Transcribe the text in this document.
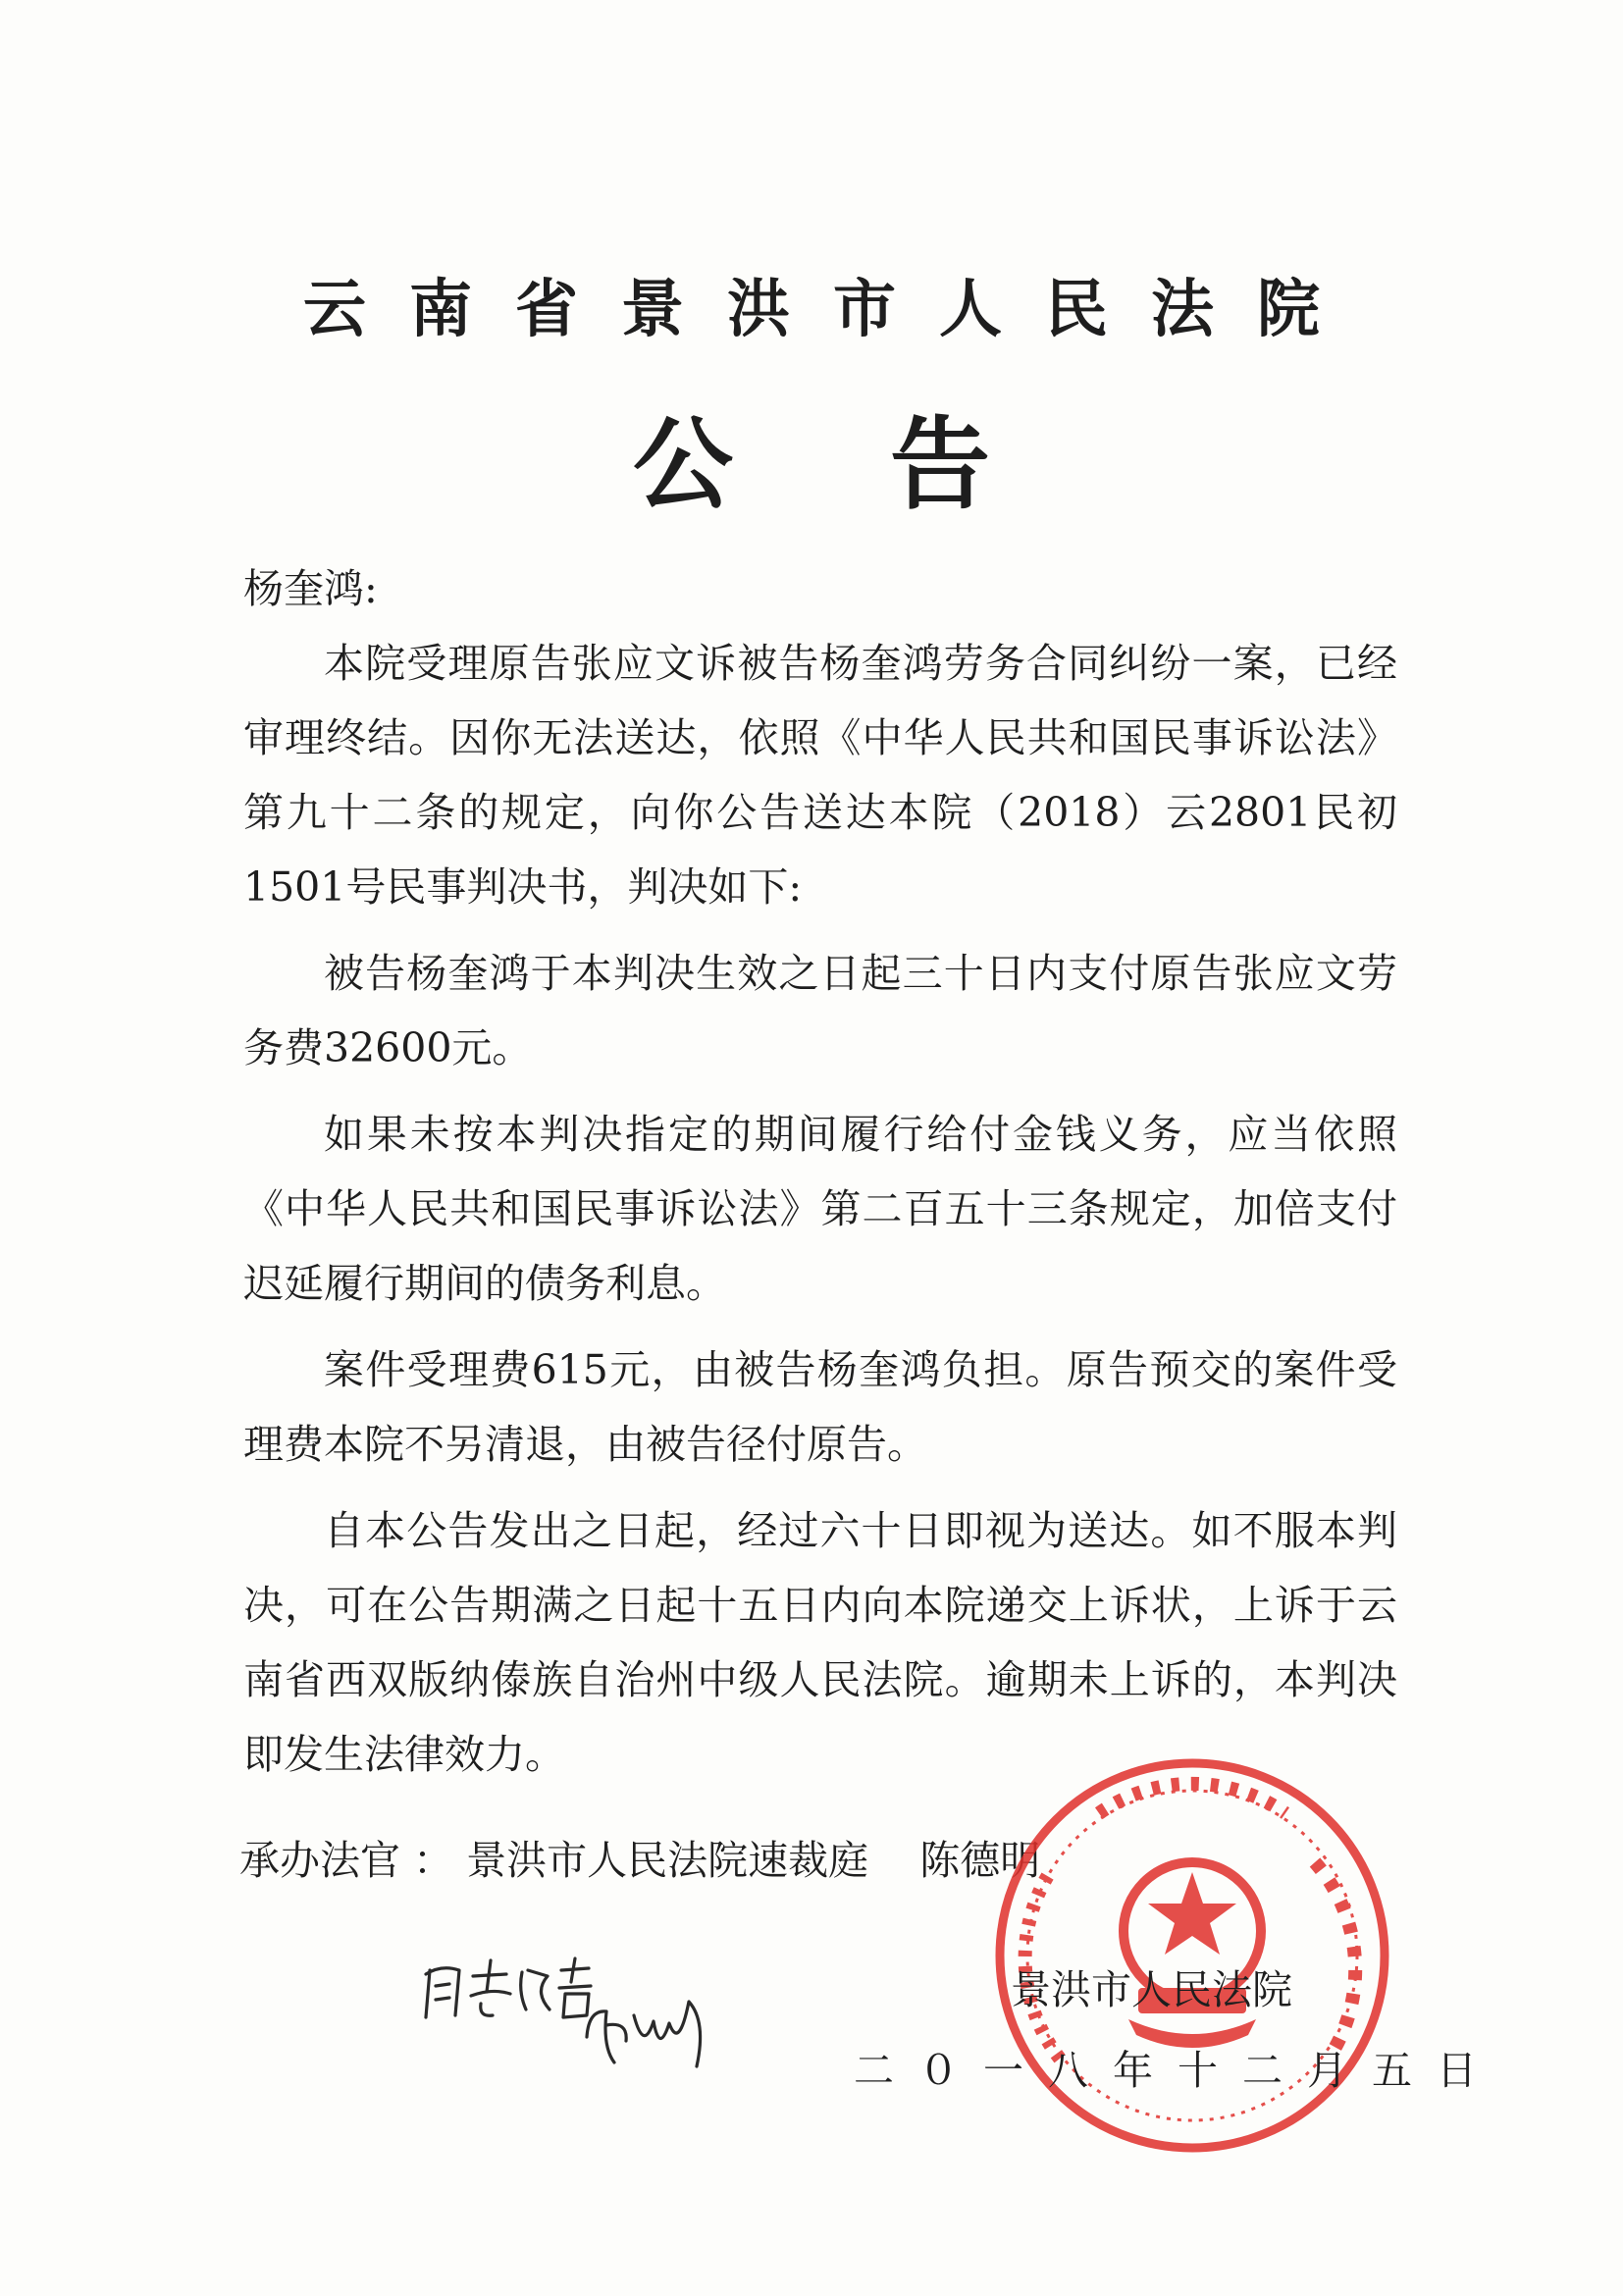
云南省景洪市人民法院
公告

杨奎鸿:

本院受理原告张应文诉被告杨奎鸿劳务合同纠纷一案，已经审理终结。因你无法送达，依照《中华人民共和国民事诉讼法》第九十二条的规定，向你公告送达本院（2018）云2801民初1501号民事判决书，判决如下:

被告杨奎鸿于本判决生效之日起三十日内支付原告张应文劳务费32600元。

如果未按本判决指定的期间履行给付金钱义务，应当依照《中华人民共和国民事诉讼法》第二百五十三条规定，加倍支付迟延履行期间的债务利息。

案件受理费615元，由被告杨奎鸿负担。原告预交的案件受理费本院不另清退，由被告径付原告。

自本公告发出之日起，经过六十日即视为送达。如不服本判决，可在公告期满之日起十五日内向本院递交上诉状，上诉于云南省西双版纳傣族自治州中级人民法院。逾期未上诉的，本判决即发生法律效力。

承办法官 ： 景洪市人民法院速裁庭    陈德明
景洪市人民法院
二０一八年十二月五日
